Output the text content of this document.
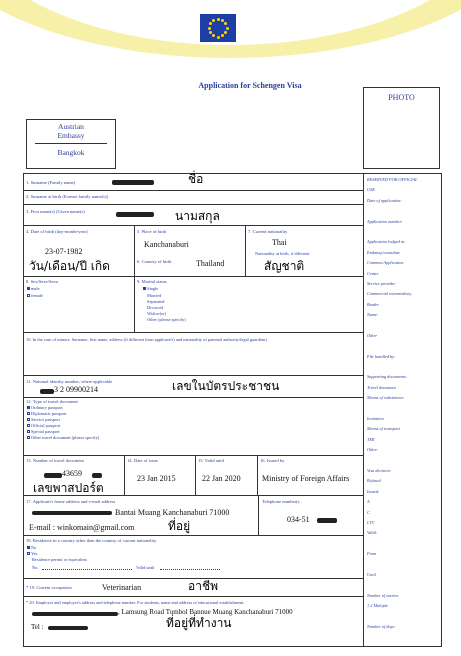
Application for Schengen Visa
PHOTO
Austrian
Embassy
Bangkok
1. Surname (Family name)	ชื่อ
2. Surname at birth (Former family name(s))
3. First name(s) (Given name(s)	นามสกุล
4. Date of birth (day-month-year)
23-07-1982
วัน/เดือน/ปี เกิด
5. Place of birth
Kanchanaburi
6. Country of birth	Thailand
7. Current nationality
Thai
Nationality at birth, if different
สัญชาติ
8. Sex/Sexe/Sexo
male
female
9. Marital status
Single
Married
Separated
Divorced
Widow(er)
Other (please specify)
10. In the case of minors: Surname, first name, address (if different from applicant's) and nationality of parental authority/legal guardian)
11. National identity number, where applicable
3 2 09900214	เลขในบัตรประชาชน
12. Type of travel document
Ordinary passport
Diplomatic passport
Service passport
Official passport
Special passport
Other travel document (please specify)
13. Number of travel document
43659
เลขพาสปอร์ต
14. Date of issue
23 Jan 2015
15. Valid until
22 Jan 2020
16. Issued by
Ministry of Foreign Affairs
17. Applicant's home address and e-mail address
Bantai Muang Kanchanaburi 71000
ที่อยู่
E-mail : winkomain@gmail.com
Telephone number(s
034-51
18. Residence in a country other than the country of current nationality
No
Yes
Residence permit or equivalent
No.	Valid until
* 19. Current occupation	Veterinarian	อาชีพ
* 20. Employer and employer's address and telephone number. For students, name and address of educational establishment.
, Lamsung Road Tumbol Bannue Muang Kanchanaburi 71000
Tel :	ที่อยู่ที่ทำงาน
RESERVED FOR OFFICIAL
USE
Date of application:
Application number:
Application lodged at:
Embassy/consulate
Common Application
Centre
Service provider
Commercial intermediary
Border
Name:
Other
File handled by:
Supporting documents:
Travel document
Means of subsistence
Invitation
Means of transport
TMI
Other:
Visa decision:
Refused
Issued:
A
C
LTV
Valid:
From
Until
Number of entries:
1 2 Multiple
Number of days:
